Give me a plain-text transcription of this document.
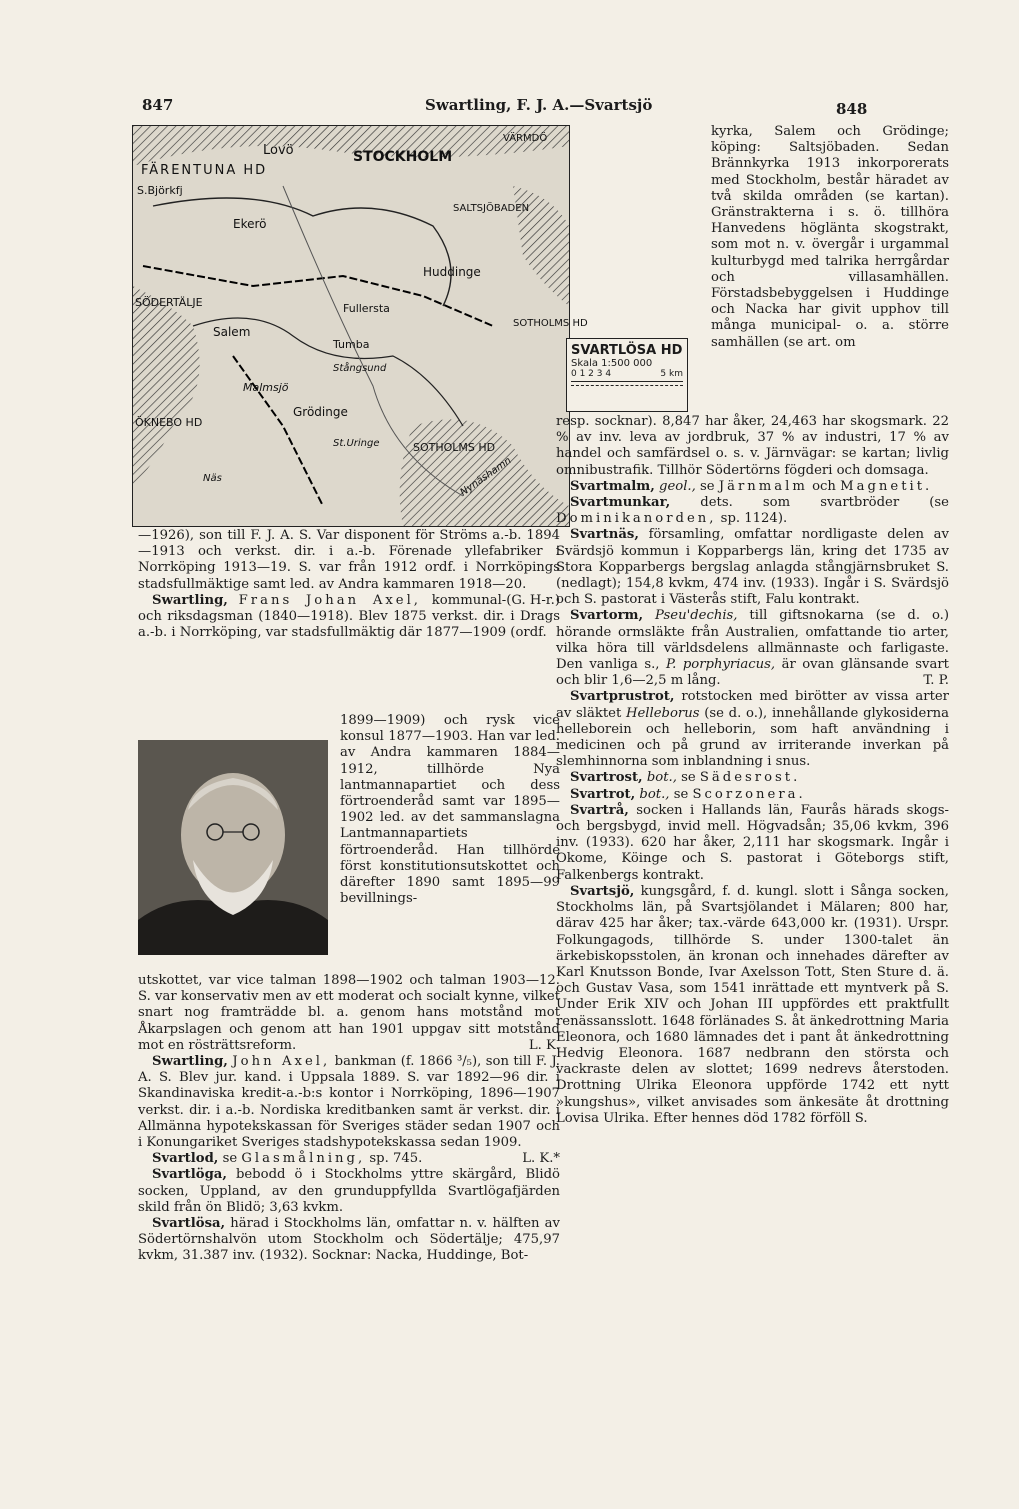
847	Swartling, F. J. A.—Svartsjö	848
Lovö	STOCKHOLM
FÄRENTUNA HD
S.Björkfj
Ekerö
SÖDERTÄLJE
Salem
Huddinge
Fullersta
Tumba
Malmsjö
Grödinge
ÖKNEBO HD
SOTHOLMS HD
SALTSJÖBADEN
Nynäshamn
VÄRMDÖ
Stångsund
Näs
St.Uringe
SOTHOLMS HD
SVARTLÖSA HD
Skala 1:500 000
0 1 2 3 4	5 km

—1926), son till F. J. A. S. Var disponent för Ströms a.-b. 1894—1913 och verkst. dir. i a.-b. Förenade yllefabriker i Norrköping 1913—19. S. var från 1912 ordf. i Norrköpings stadsfullmäktige samt led. av Andra kammaren 1918—20.
(G. H-r.)

Swartling, Frans Johan Axel, kommunal- och riksdagsman (1840—1918). Blev 1875 verkst. dir. i Drags a.-b. i Norrköping, var stadsfullmäktig där 1877—1909 (ordf.

1899—1909) och rysk vice konsul 1877—1903. Han var led. av Andra kammaren 1884—1912, tillhörde Nya lantmannapartiet och dess förtroenderåd samt var 1895—1902 led. av det sammanslagna Lantmannapartiets förtroenderåd. Han tillhörde först konstitutionsutskottet och därefter 1890 samt 1895—99 bevillnings-

utskottet, var vice talman 1898—1902 och talman 1903—12. S. var konservativ men av ett moderat och socialt kynne, vilket snart nog framträdde bl. a. genom hans motstånd mot Åkarpslagen och genom att han 1901 uppgav sitt motstånd mot en rösträttsreform.	L. K.

Swartling, John Axel, bankman (f. 1866 ³/₅), son till F. J. A. S. Blev jur. kand. i Uppsala 1889. S. var 1892—96 dir. i Skandinaviska kredit-a.-b:s kontor i Norrköping, 1896—1907 verkst. dir. i a.-b. Nordiska kreditbanken samt är verkst. dir. i Allmänna hypotekskassan för Sveriges städer sedan 1907 och i Konungariket Sveriges stadshypotekskassa sedan 1909.
L. K.*

Svartlod, se Glasmålning, sp. 745.

Svartlöga, bebodd ö i Stockholms yttre skärgård, Blidö socken, Uppland, av den grunduppfyllda Svartlögafjärden skild från ön Blidö; 3,63 kvkm.

Svartlösa, härad i Stockholms län, omfattar n. v. hälften av Södertörnshalvön utom Stockholm och Södertälje; 475,97 kvkm, 31.387 inv. (1932). Socknar: Nacka, Huddinge, Bot-

kyrka, Salem och Grödinge; köping: Saltsjöbaden. Sedan Brännkyrka 1913 inkorporerats med Stockholm, består häradet av två skilda områden (se kartan). Gränstrakterna i s. ö. tillhöra Hanvedens höglänta skogstrakt, som mot n. v. övergår i urgammal kulturbygd med talrika herrgårdar och villasamhällen. Förstadsbebyggelsen i Huddinge och Nacka har givit upphov till många municipal- o. a. större samhällen (se art. om

resp. socknar). 8,847 har åker, 24,463 har skogsmark. 22 % av inv. leva av jordbruk, 37 % av industri, 17 % av handel och samfärdsel o. s. v. Järnvägar: se kartan; livlig omnibustrafik. Tillhör Södertörns fögderi och domsaga.

Svartmalm, geol., se Järnmalm och Magnetit.

Svartmunkar, dets. som svartbröder (se Dominikanorden, sp. 1124).

Svartnäs, församling, omfattar nordligaste delen av Svärdsjö kommun i Kopparbergs län, kring det 1735 av Stora Kopparbergs bergslag anlagda stångjärnsbruket S. (nedlagt); 154,8 kvkm, 474 inv. (1933). Ingår i S. Svärdsjö och S. pastorat i Västerås stift, Falu kontrakt.

Svartorm, Pseu'dechis, till giftsnokarna (se d. o.) hörande ormsläkte från Australien, omfattande tio arter, vilka höra till världsdelens allmännaste och farligaste. Den vanliga s., P. porphyriacus, är ovan glänsande svart och blir 1,6—2,5 m lång.	T. P.

Svartprustrot, rotstocken med birötter av vissa arter av släktet Helleborus (se d. o.), innehållande glykosiderna helleborein och helleborin, som haft användning i medicinen och på grund av irriterande inverkan på slemhinnorna som inblandning i snus.

Svartrost, bot., se Sädesrost.

Svartrot, bot., se Scorzonera.

Svartrå, socken i Hallands län, Faurås härads skogs- och bergsbygd, invid mell. Högvadsån; 35,06 kvkm, 396 inv. (1933). 620 har åker, 2,111 har skogsmark. Ingår i Okome, Köinge och S. pastorat i Göteborgs stift, Falkenbergs kontrakt.

Svartsjö, kungsgård, f. d. kungl. slott i Sånga socken, Stockholms län, på Svartsjölandet i Mälaren; 800 har, därav 425 har åker; tax.-värde 643,000 kr. (1931). Urspr. Folkungagods, tillhörde S. under 1300-talet än ärkebiskopsstolen, än kronan och innehades därefter av Karl Knutsson Bonde, Ivar Axelsson Tott, Sten Sture d. ä. och Gustav Vasa, som 1541 inrättade ett myntverk på S. Under Erik XIV och Johan III uppfördes ett praktfullt renässansslott. 1648 förlänades S. åt änkedrottning Maria Eleonora, och 1680 lämnades det i pant åt änkedrottning Hedvig Eleonora. 1687 nedbrann den största och vackraste delen av slottet; 1699 nedrevs återstoden. Drottning Ulrika Eleonora uppförde 1742 ett nytt »kungshus», vilket anvisades som änkesäte åt drottning Lovisa Ulrika. Efter hennes död 1782 förföll S.
